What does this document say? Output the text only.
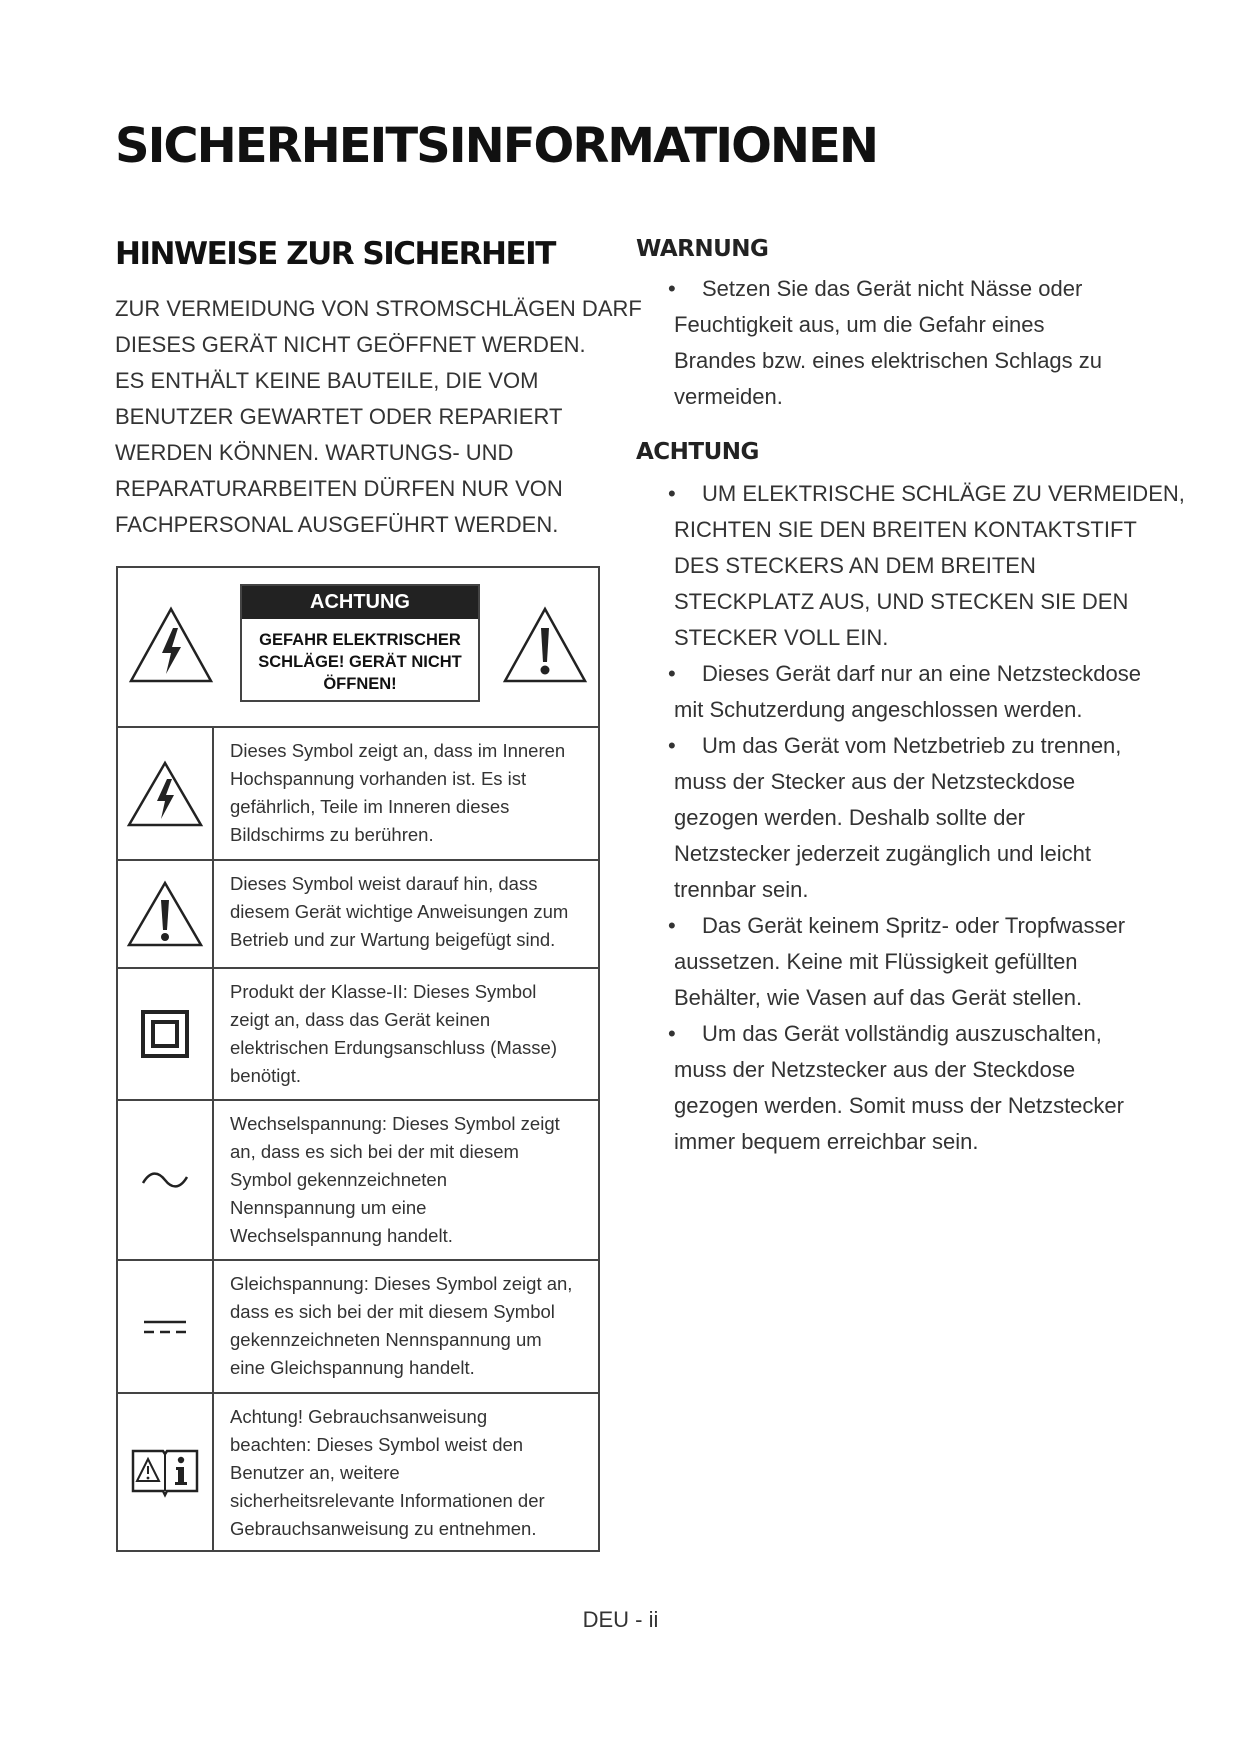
SICHERHEITSINFORMATIONEN
HINWEISE ZUR SICHERHEIT
ZUR VERMEIDUNG VON STROMSCHLÄGEN DARF
DIESES GERÄT NICHT GEÖFFNET WERDEN.
ES ENTHÄLT KEINE BAUTEILE, DIE VOM
BENUTZER GEWARTET ODER REPARIERT
WERDEN KÖNNEN. WARTUNGS- UND
REPARATURARBEITEN DÜRFEN NUR VON
FACHPERSONAL AUSGEFÜHRT WERDEN.
ACHTUNG
GEFAHR ELEKTRISCHER
SCHLÄGE! GERÄT NICHT
ÖFFNEN!
Dieses Symbol zeigt an, dass im Inneren
Hochspannung vorhanden ist. Es ist
gefährlich, Teile im Inneren dieses
Bildschirms zu berühren.
Dieses Symbol weist darauf hin, dass
diesem Gerät wichtige Anweisungen zum
Betrieb und zur Wartung beigefügt sind.
Produkt der Klasse-II: Dieses Symbol
zeigt an, dass das Gerät keinen
elektrischen Erdungsanschluss (Masse)
benötigt.
Wechselspannung: Dieses Symbol zeigt
an, dass es sich bei der mit diesem
Symbol gekennzeichneten
Nennspannung um eine
Wechselspannung handelt.
Gleichspannung: Dieses Symbol zeigt an,
dass es sich bei der mit diesem Symbol
gekennzeichneten Nennspannung um
eine Gleichspannung handelt.
Achtung! Gebrauchsanweisung
beachten: Dieses Symbol weist den
Benutzer an, weitere
sicherheitsrelevante Informationen der
Gebrauchsanweisung zu entnehmen.
WARNUNG
•	Setzen Sie das Gerät nicht Nässe oder
Feuchtigkeit aus, um die Gefahr eines
Brandes bzw. eines elektrischen Schlags zu
vermeiden.
ACHTUNG
•	UM ELEKTRISCHE SCHLÄGE ZU VERMEIDEN,
RICHTEN SIE DEN BREITEN KONTAKTSTIFT
DES STECKERS AN DEM BREITEN
STECKPLATZ AUS, UND STECKEN SIE DEN
STECKER VOLL EIN.
•	Dieses Gerät darf nur an eine Netzsteckdose
mit Schutzerdung angeschlossen werden.
•	Um das Gerät vom Netzbetrieb zu trennen,
muss der Stecker aus der Netzsteckdose
gezogen werden. Deshalb sollte der
Netzstecker jederzeit zugänglich und leicht
trennbar sein.
•	Das Gerät keinem Spritz- oder Tropfwasser
aussetzen. Keine mit Flüssigkeit gefüllten
Behälter, wie Vasen auf das Gerät stellen.
•	Um das Gerät vollständig auszuschalten,
muss der Netzstecker aus der Steckdose
gezogen werden. Somit muss der Netzstecker
immer bequem erreichbar sein.
DEU - ii
